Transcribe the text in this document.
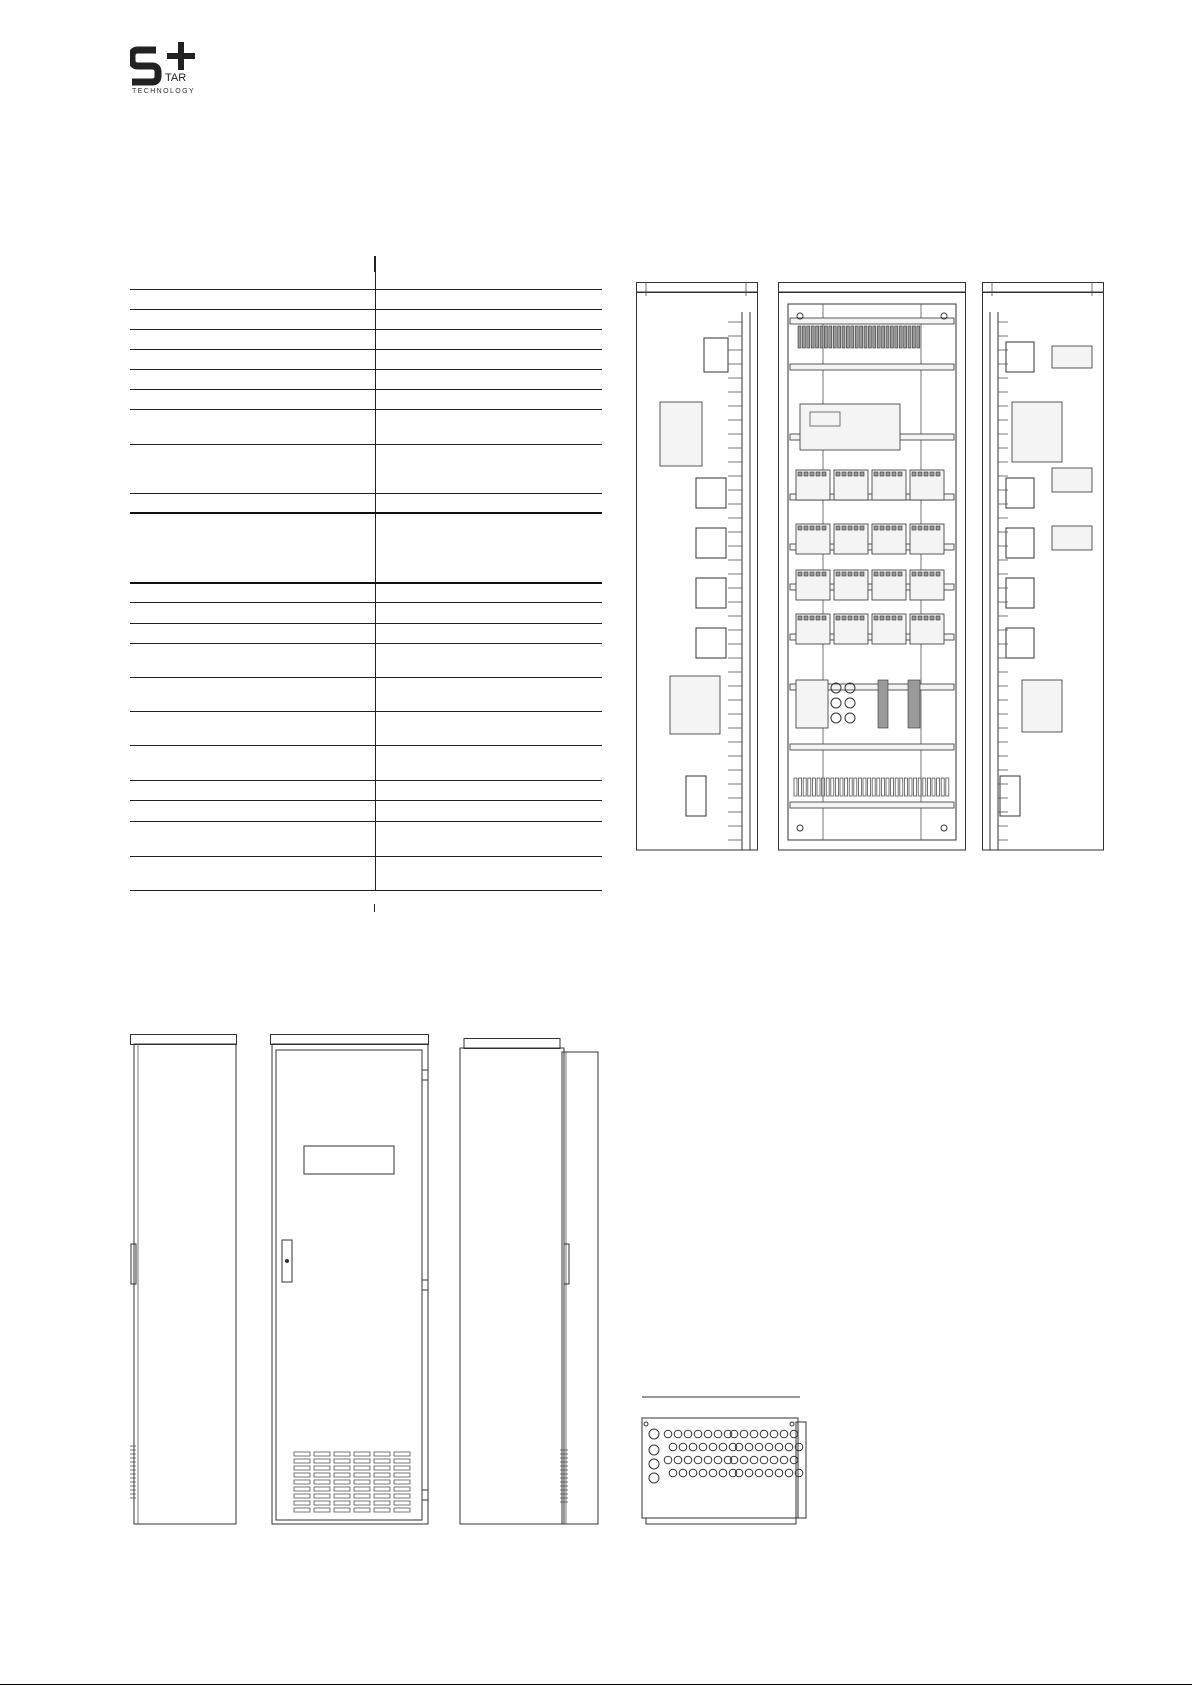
TAR
TECHNOLOGY
